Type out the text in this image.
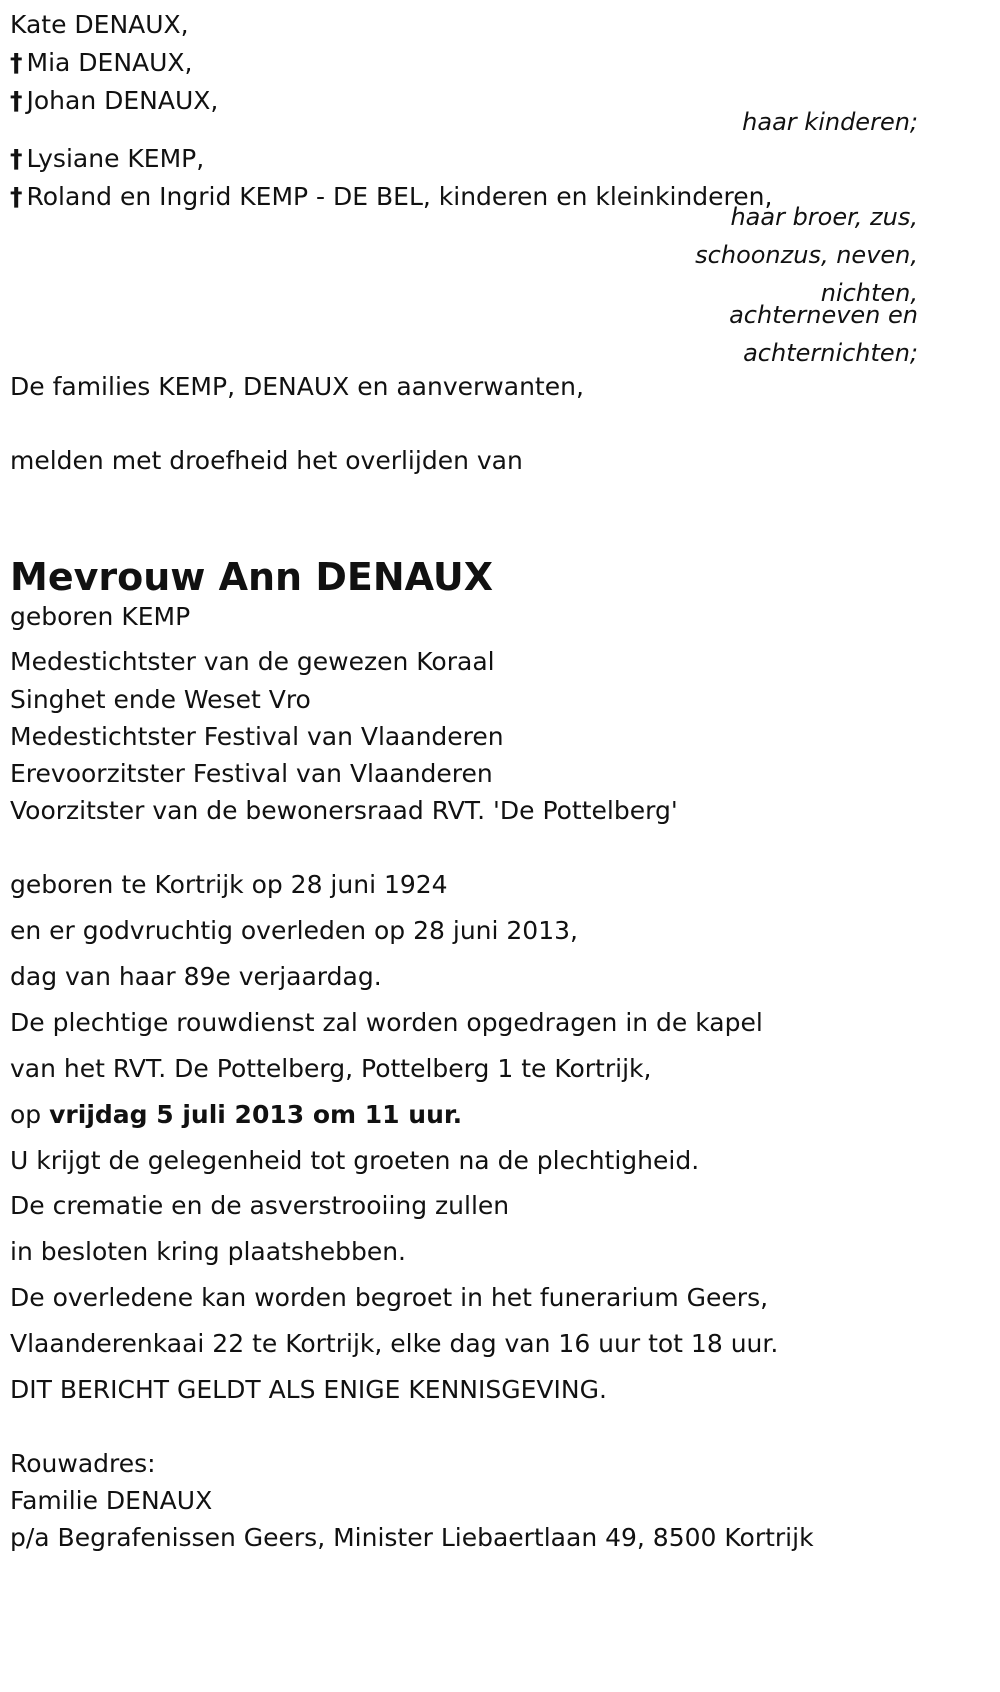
Kate DENAUX,
† Mia DENAUX,
† Johan DENAUX,
haar kinderen;
† Lysiane KEMP,
† Roland en Ingrid KEMP - DE BEL, kinderen en kleinkinderen,
haar broer, zus,
schoonzus, neven,
nichten,
achterneven en
achternichten;
De families KEMP, DENAUX en aanverwanten,
melden met droefheid het overlijden van
Mevrouw Ann DENAUX
geboren KEMP
Medestichtster van de gewezen Koraal
Singhet ende Weset Vro
Medestichtster Festival van Vlaanderen
Erevoorzitster Festival van Vlaanderen
Voorzitster van de bewonersraad RVT. 'De Pottelberg'
geboren te Kortrijk op 28 juni 1924
en er godvruchtig overleden op 28 juni 2013,
dag van haar 89e verjaardag.
De plechtige rouwdienst zal worden opgedragen in de kapel
van het RVT. De Pottelberg, Pottelberg 1 te Kortrijk,
op vrijdag 5 juli 2013 om 11 uur.
U krijgt de gelegenheid tot groeten na de plechtigheid.
De crematie en de asverstrooiing zullen
in besloten kring plaatshebben.
De overledene kan worden begroet in het funerarium Geers,
Vlaanderenkaai 22 te Kortrijk, elke dag van 16 uur tot 18 uur.
DIT BERICHT GELDT ALS ENIGE KENNISGEVING.
Rouwadres:
Familie DENAUX
p/a Begrafenissen Geers, Minister Liebaertlaan 49, 8500 Kortrijk
